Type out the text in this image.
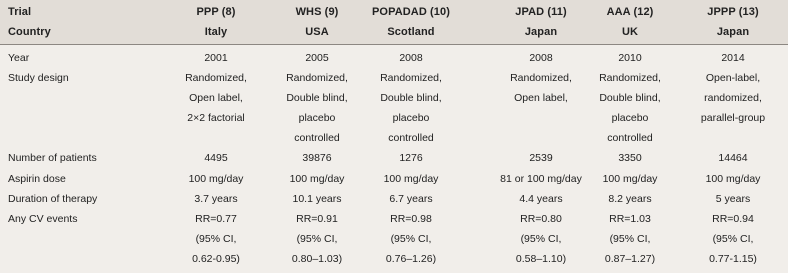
Trial
Country
PPP (8)
Italy
WHS (9)
USA
POPADAD (10)
Scotland
JPAD (11)
Japan
AAA (12)
UK
JPPP (13)
Japan
Year
Study design

Number of patients
Aspirin dose
Duration of therapy
Any CV events
2001
Randomized,
Open label,
2×2 factorial

4495
100 mg/day
3.7 years
RR=0.77
(95% CI,
0.62-0.95)
2005
Randomized,
Double blind,
placebo
controlled
39876
100 mg/day
10.1 years
RR=0.91
(95% CI,
0.80–1.03)
2008
Randomized,
Double blind,
placebo
controlled
1276
100 mg/day
6.7 years
RR=0.98
(95% CI,
0.76–1.26)
2008
Randomized,
Open label,

2539
81 or 100 mg/day
4.4 years
RR=0.80
(95% CI,
0.58–1.10)
2010
Randomized,
Double blind,
placebo
controlled
3350
100 mg/day
8.2 years
RR=1.03
(95% CI,
0.87–1.27)
2014
Open-label,
randomized,
parallel-group

14464
100 mg/day
5 years
RR=0.94
(95% CI,
0.77-1.15)
